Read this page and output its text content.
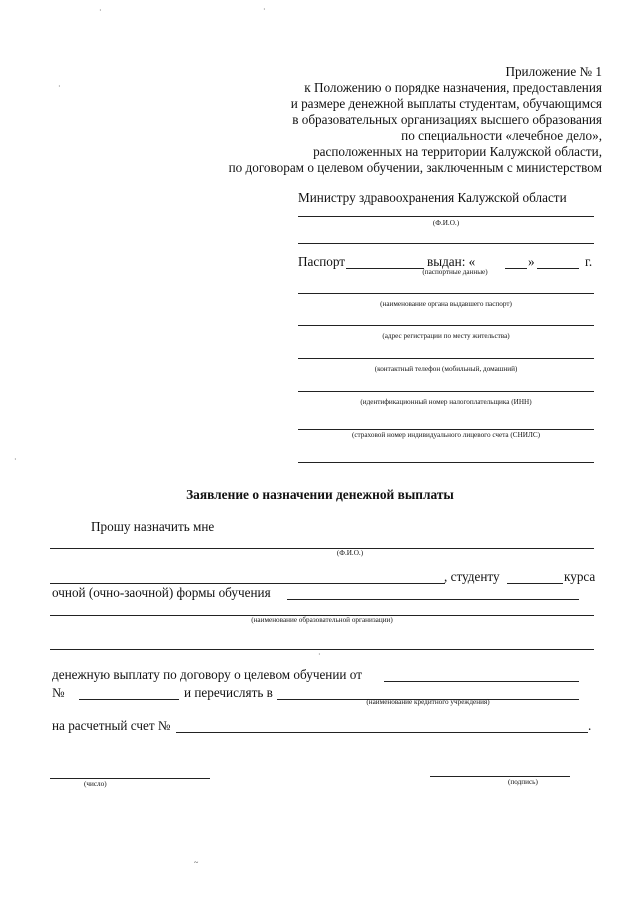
Приложение № 1
к Положению о порядке назначения, предоставления
и размере денежной выплаты студентам, обучающимся
в образовательных организациях высшего образования
по специальности «лечебное дело»,
расположенных на территории Калужской области,
по договорам о целевом обучении, заключенным с министерством
Министру здравоохранения Калужской области
(Ф.И.О.)
Паспорт	выдан: «	»	г.
(паспортные данные)
(наименование органа выдавшего паспорт)
(адрес регистрации по месту жительства)
(контактный телефон (мобильный, домашний)
(идентификационный номер налогоплательщика (ИНН)
(страховой номер индивидуального лицевого счета (СНИЛС)
Заявление о назначении денежной выплаты
Прошу назначить мне
(Ф.И.О.)
, студенту	курса
очной (очно-заочной) формы обучения
(наименование образовательной организации)
денежную выплату по договору о целевом обучении от
№	и перечислять в
(наименование кредитного учреждения)
на расчетный счет №	.
(число)	(подпись)
·	·
·
·
·
~
